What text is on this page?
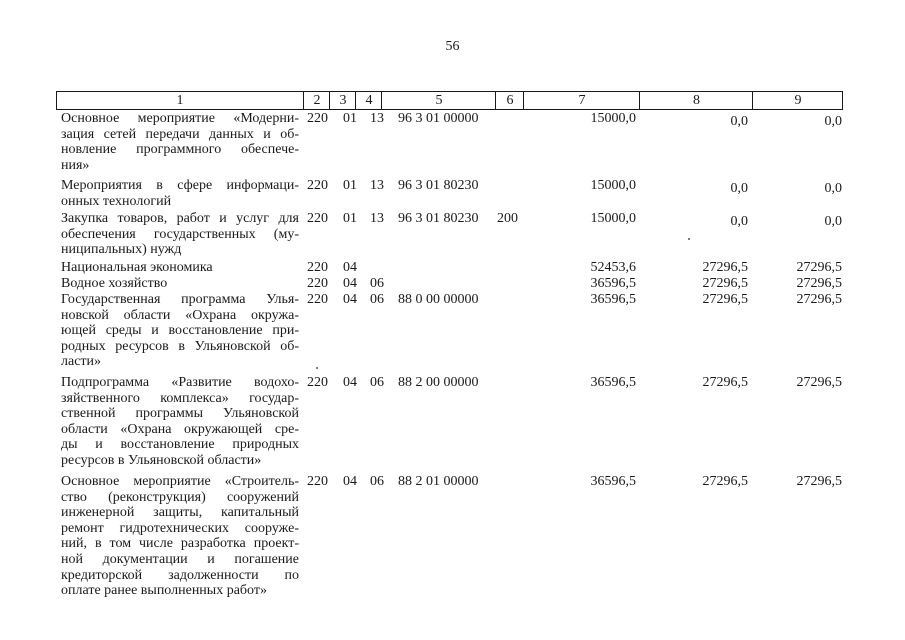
56
1	2	3	4	5	6	7	8	9
Основное мероприятие «Модерни-
зация сетей передачи данных и об-
новление программного обеспече-
ния»
220	01 13	96 3 01 00000	15000,0	0,0	0,0
Мероприятия в сфере информаци-
онных технологий
220	01 13	96 3 01 80230	15000,0	0,0	0,0
Закупка товаров, работ и услуг для
обеспечения государственных (му-
ниципальных) нужд
220	01 13	96 3 01 80230	200	15000,0	0,0	0,0
Национальная экономика	220	04	52453,6	27296,5	27296,5
Водное хозяйство	220	04 06	36596,5	27296,5	27296,5
Государственная программа Улья-
новской области «Охрана окружа-
ющей среды и восстановление при-
родных ресурсов в Ульяновской об-
ласти»
220	04 06	88 0 00 00000	36596,5	27296,5	27296,5
Подпрограмма «Развитие водохо-
зяйственного комплекса» государ-
ственной программы Ульяновской
области «Охрана окружающей сре-
ды и восстановление природных
ресурсов в Ульяновской области»
220	04 06	88 2 00 00000	36596,5	27296,5	27296,5
Основное мероприятие «Строитель-
ство (реконструкция) сооружений
инженерной защиты, капитальный
ремонт гидротехнических сооруже-
ний, в том числе разработка проект-
ной документации и погашение
кредиторской задолженности по
оплате ранее выполненных работ»
220	04 06	88 2 01 00000	36596,5	27296,5	27296,5
